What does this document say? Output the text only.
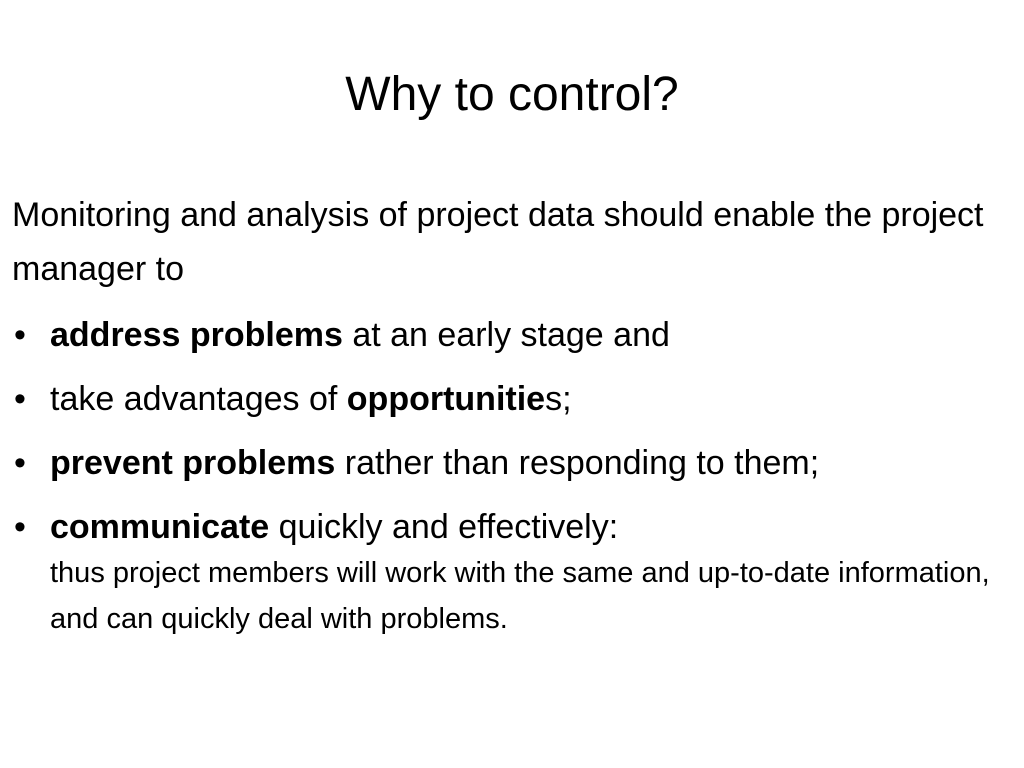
Why to control?

Monitoring and analysis of project data should enable the project manager to

• address problems at an early stage and
• take advantages of opportunities;
• prevent problems rather than responding to them;
• communicate quickly and effectively:
thus project members will work with the same and up-to-date information, and can quickly deal with problems.
